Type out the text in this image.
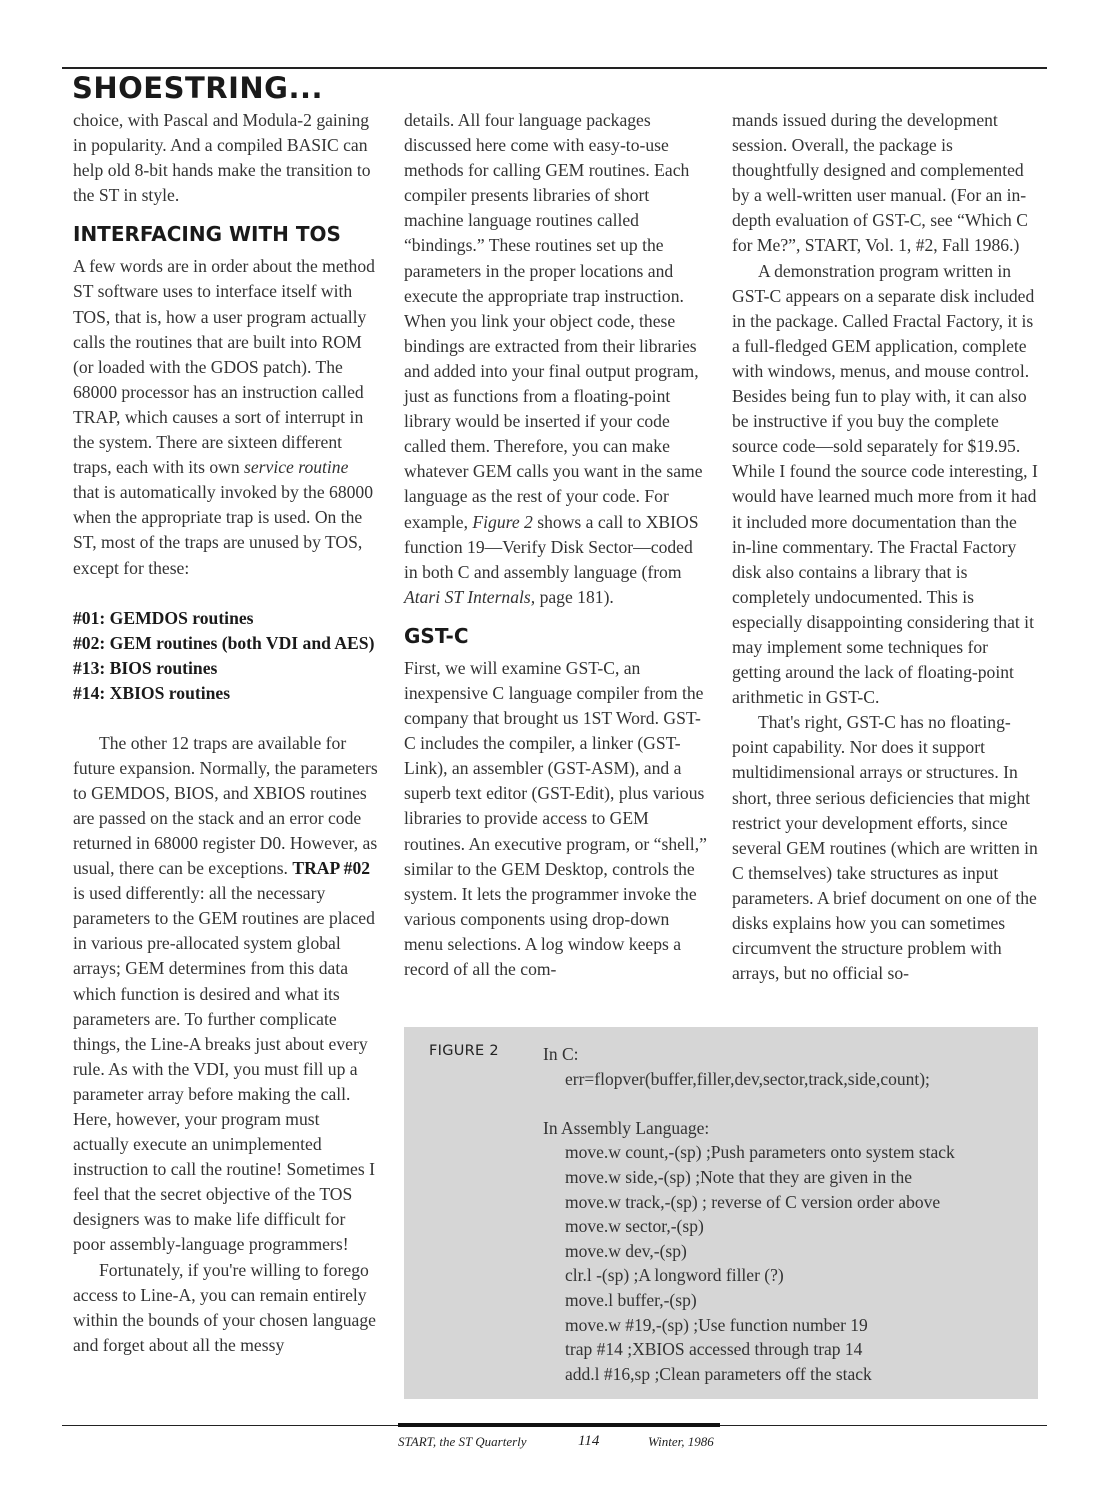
SHOESTRING...

choice, with Pascal and Modula-2 gaining in popularity. And a compiled BASIC can help old 8-bit hands make the transition to the ST in style.

INTERFACING WITH TOS

A few words are in order about the method ST software uses to interface itself with TOS, that is, how a user program actually calls the routines that are built into ROM (or loaded with the GDOS patch). The 68000 processor has an instruction called TRAP, which causes a sort of interrupt in the system. There are sixteen different traps, each with its own service routine that is automatically invoked by the 68000 when the appropriate trap is used. On the ST, most of the traps are unused by TOS, except for these:

#01: GEMDOS routines
#02: GEM routines (both VDI and AES)
#13: BIOS routines
#14: XBIOS routines

The other 12 traps are available for future expansion. Normally, the parameters to GEMDOS, BIOS, and XBIOS routines are passed on the stack and an error code returned in 68000 register D0. However, as usual, there can be exceptions. TRAP #02 is used differently: all the necessary parameters to the GEM routines are placed in various pre-allocated system global arrays; GEM determines from this data which function is desired and what its parameters are. To further complicate things, the Line-A breaks just about every rule. As with the VDI, you must fill up a parameter array before making the call. Here, however, your program must actually execute an unimplemented instruction to call the routine! Sometimes I feel that the secret objective of the TOS designers was to make life difficult for poor assembly-language programmers!

Fortunately, if you're willing to forego access to Line-A, you can remain entirely within the bounds of your chosen language and forget about all the messy

details. All four language packages discussed here come with easy-to-use methods for calling GEM routines. Each compiler presents libraries of short machine language routines called “bindings.” These routines set up the parameters in the proper locations and execute the appropriate trap instruction. When you link your object code, these bindings are extracted from their libraries and added into your final output program, just as functions from a floating-point library would be inserted if your code called them. Therefore, you can make whatever GEM calls you want in the same language as the rest of your code. For example, Figure 2 shows a call to XBIOS function 19—Verify Disk Sector—coded in both C and assembly language (from Atari ST Internals, page 181).

GST-C

First, we will examine GST-C, an inexpensive C language compiler from the company that brought us 1ST Word. GST-C includes the compiler, a linker (GST-Link), an assembler (GST-ASM), and a superb text editor (GST-Edit), plus various libraries to provide access to GEM routines. An executive program, or “shell,” similar to the GEM Desktop, controls the system. It lets the programmer invoke the various components using drop-down menu selections. A log window keeps a record of all the com-

mands issued during the development session. Overall, the package is thoughtfully designed and complemented by a well-written user manual. (For an in-depth evaluation of GST-C, see “Which C for Me?”, START, Vol. 1, #2, Fall 1986.)

A demonstration program written in GST-C appears on a separate disk included in the package. Called Fractal Factory, it is a full-fledged GEM application, complete with windows, menus, and mouse control. Besides being fun to play with, it can also be instructive if you buy the complete source code—sold separately for $19.95. While I found the source code interesting, I would have learned much more from it had it included more documentation than the in-line commentary. The Fractal Factory disk also contains a library that is completely undocumented. This is especially disappointing considering that it may implement some techniques for getting around the lack of floating-point arithmetic in GST-C.

That's right, GST-C has no floating-point capability. Nor does it support multidimensional arrays or structures. In short, three serious deficiencies that might restrict your development efforts, since several GEM routines (which are written in C themselves) take structures as input parameters. A brief document on one of the disks explains how you can sometimes circumvent the structure problem with arrays, but no official so-

FIGURE 2	In C:
err=flopver(buffer,filler,dev,sector,track,side,count);

In Assembly Language:
move.w count,-(sp) ;Push parameters onto system stack
move.w side,-(sp) ;Note that they are given in the
move.w track,-(sp) ; reverse of C version order above
move.w sector,-(sp)
move.w dev,-(sp)
clr.l -(sp) ;A longword filler (?)
move.l buffer,-(sp)
move.w #19,-(sp) ;Use function number 19
trap #14 ;XBIOS accessed through trap 14
add.l #16,sp ;Clean parameters off the stack
START, the ST Quarterly	114	Winter, 1986
